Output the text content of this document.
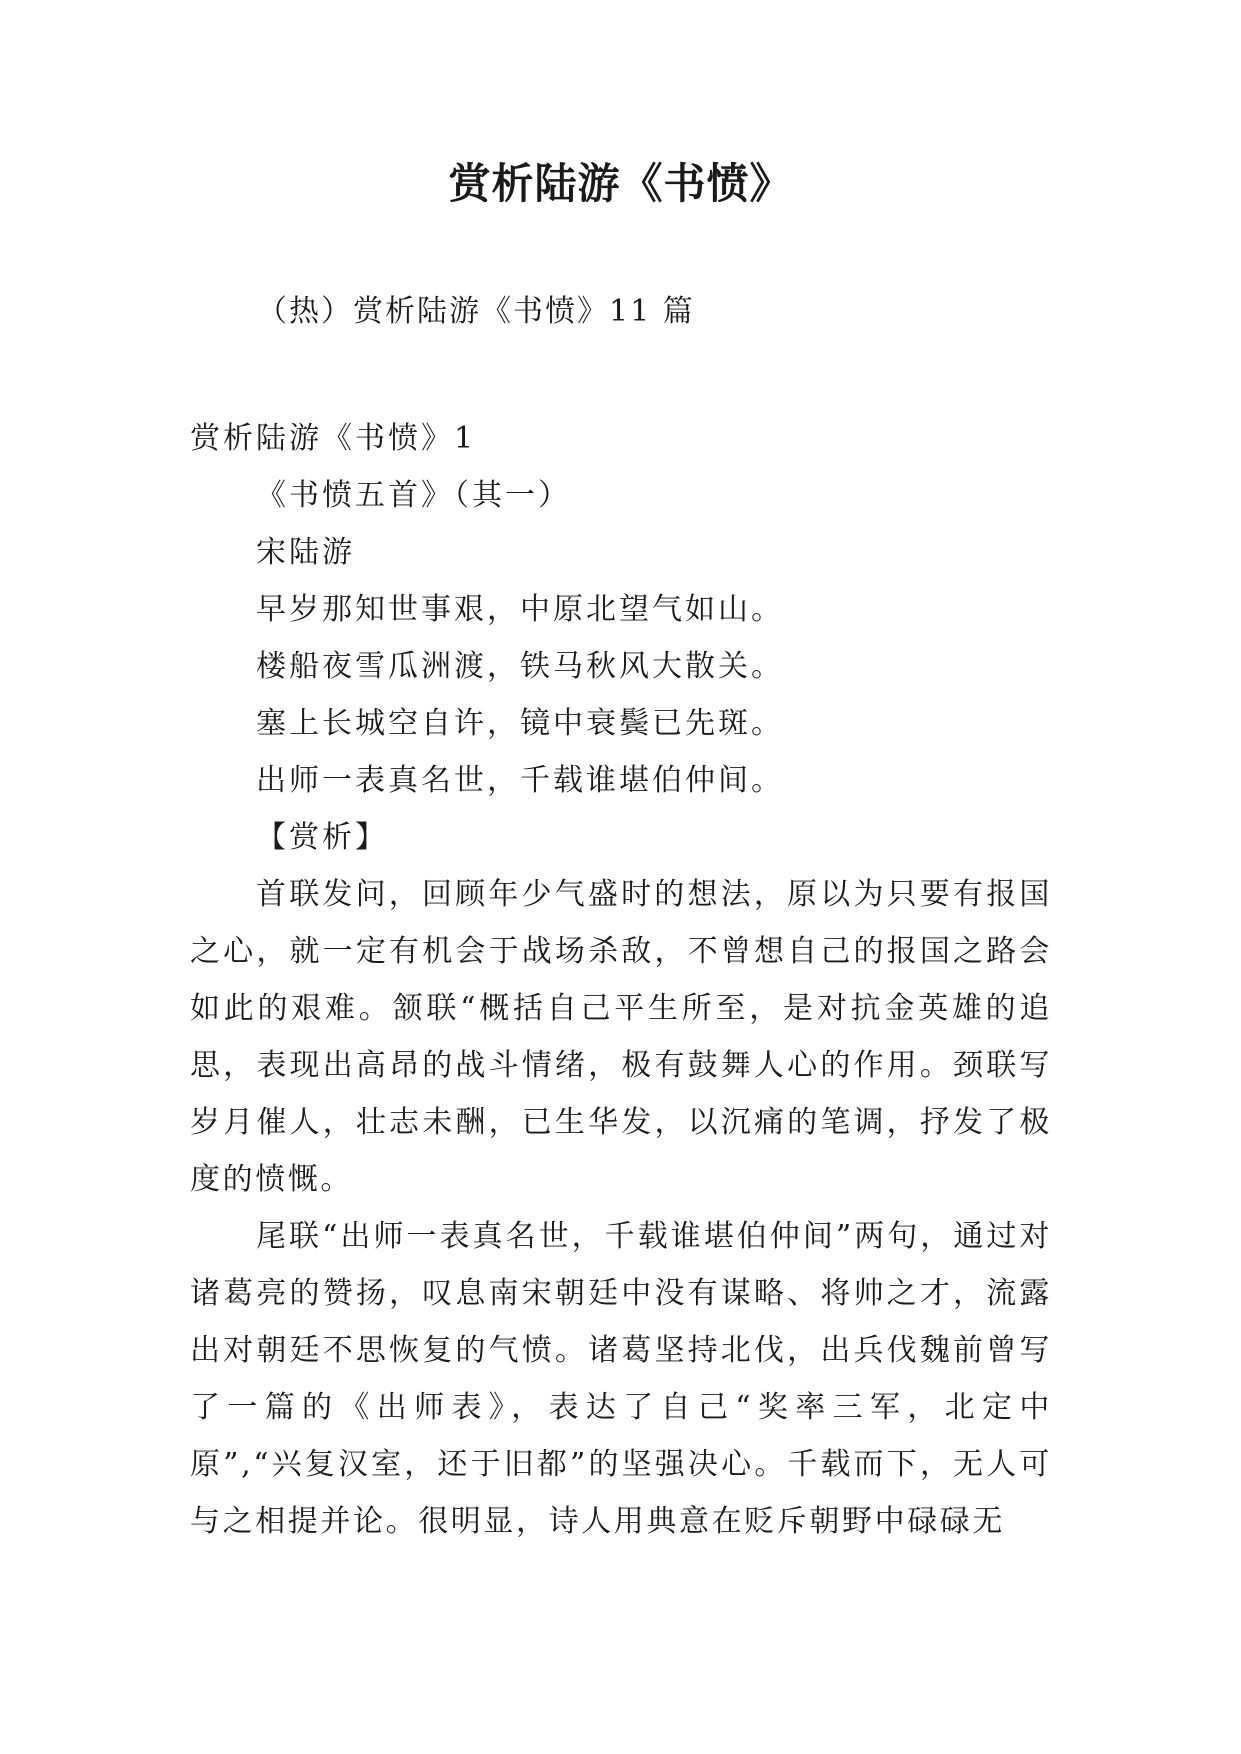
赏析陆游《书愤》

（热）赏析陆游《书愤》11 篇

赏析陆游《书愤》1

《书愤五首》（其一）

宋陆游

早岁那知世事艰，中原北望气如山。

楼船夜雪瓜洲渡，铁马秋风大散关。

塞上长城空自许，镜中衰鬓已先斑。

出师一表真名世，千载谁堪伯仲间。

【赏析】

首联发问，回顾年少气盛时的想法，原以为只要有报国之心，就一定有机会于战场杀敌，不曾想自己的报国之路会如此的艰难。颔联“概括自己平生所至，是对抗金英雄的追思，表现出高昂的战斗情绪，极有鼓舞人心的作用。颈联写岁月催人，壮志未酬，已生华发，以沉痛的笔调，抒发了极度的愤慨。

尾联“出师一表真名世，千载谁堪伯仲间”两句，通过对诸葛亮的赞扬，叹息南宋朝廷中没有谋略、将帅之才，流露出对朝廷不思恢复的气愤。诸葛坚持北伐，出兵伐魏前曾写了一篇的《出师表》，表达了自己“奖率三军，北定中原”,“兴复汉室，还于旧都”的坚强决心。千载而下，无人可与之相提并论。很明显，诗人用典意在贬斥朝野中碌碌无
